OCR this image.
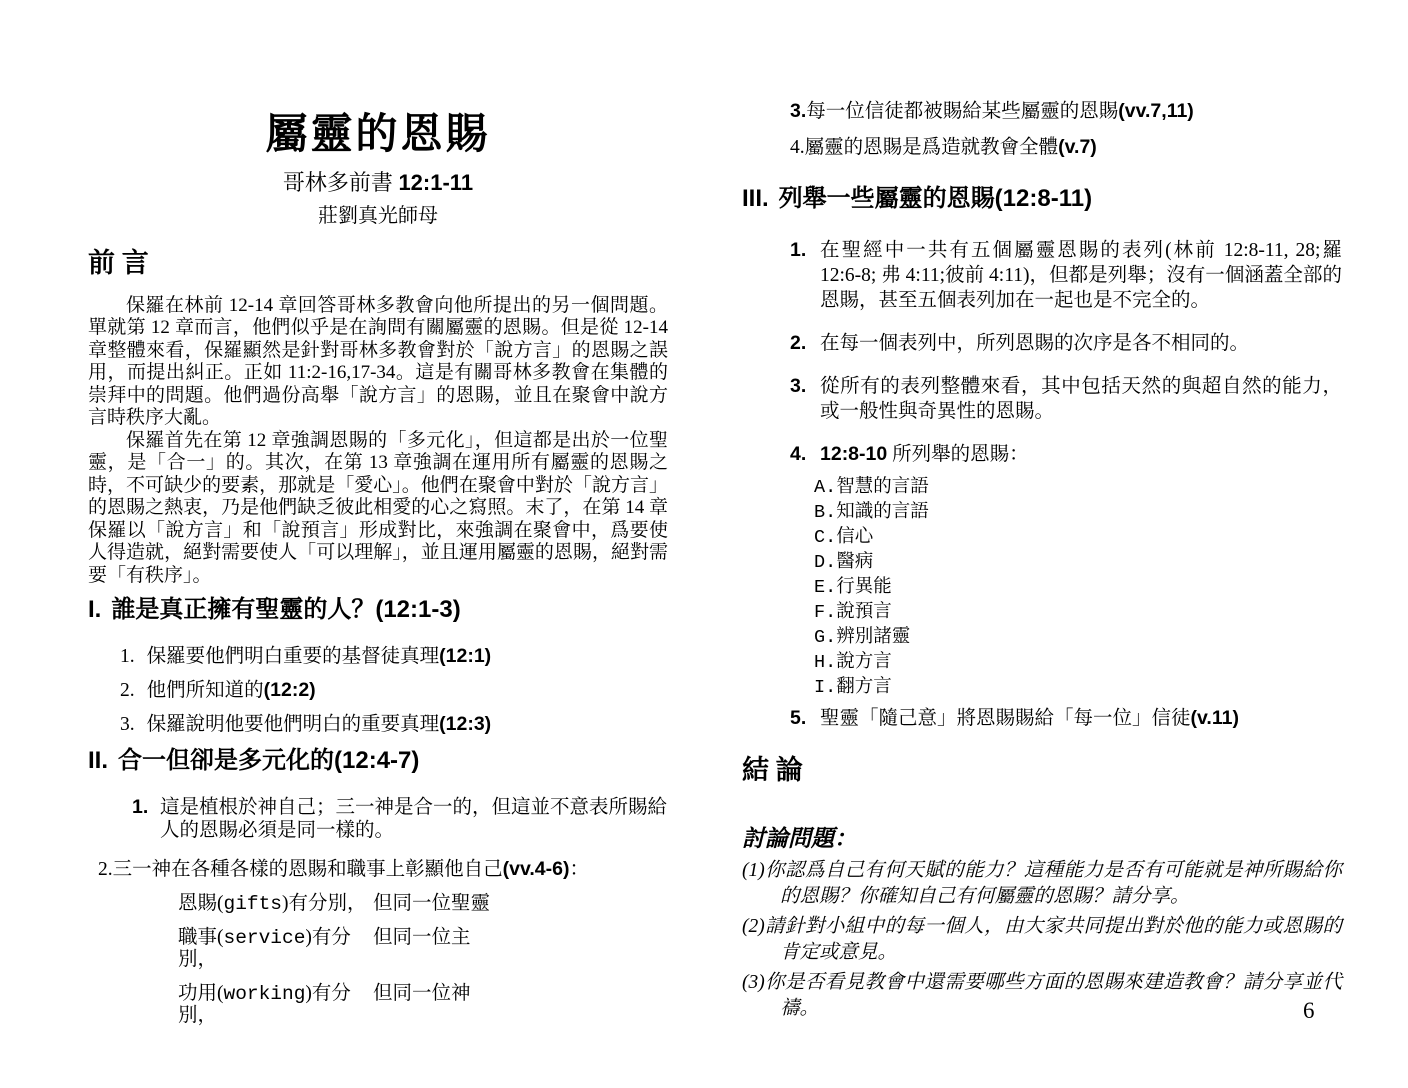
屬靈的恩賜
哥林多前書 12:1-11
莊劉真光師母
前 言
保羅在林前 12-14 章回答哥林多教會向他所提出的另一個問題。單就第 12 章而言，他們似乎是在詢問有關屬靈的恩賜。但是從 12-14 章整體來看，保羅顯然是針對哥林多教會對於「說方言」的恩賜之誤用，而提出糾正。正如 11:2-16,17-34。這是有關哥林多教會在集體的崇拜中的問題。他們過份高舉「說方言」的恩賜，並且在聚會中說方言時秩序大亂。
保羅首先在第 12 章強調恩賜的「多元化」，但這都是出於一位聖靈，是「合一」的。其次，在第 13 章強調在運用所有屬靈的恩賜之時，不可缺少的要素，那就是「愛心」。他們在聚會中對於「說方言」的恩賜之熱衷，乃是他們缺乏彼此相愛的心之寫照。末了，在第 14 章保羅以「說方言」和「說預言」形成對比，來強調在聚會中，爲要使人得造就，絕對需要使人「可以理解」，並且運用屬靈的恩賜，絕對需要「有秩序」。
I. 誰是真正擁有聖靈的人？(12:1-3)
1. 保羅要他們明白重要的基督徒真理(12:1)
2. 他們所知道的(12:2)
3. 保羅說明他要他們明白的重要真理(12:3)
II. 合一但卻是多元化的(12:4-7)
1. 這是植根於神自己；三一神是合一的，但這並不意表所賜給人的恩賜必須是同一樣的。
2.三一神在各種各樣的恩賜和職事上彰顯他自己(vv.4-6)：
恩賜(gifts)有分別， 但同一位聖靈
職事(service)有分別，
但同一位主
功用(working)有分別，
但同一位神
3.每一位信徒都被賜給某些屬靈的恩賜(vv.7,11)
4.屬靈的恩賜是爲造就教會全體(v.7)
III. 列舉一些屬靈的恩賜(12:8-11)
1. 在聖經中一共有五個屬靈恩賜的表列(林前 12:8-11, 28;羅 12:6-8; 弗 4:11;彼前 4:11)，但都是列舉；沒有一個涵蓋全部的恩賜，甚至五個表列加在一起也是不完全的。
2. 在每一個表列中，所列恩賜的次序是各不相同的。
3. 從所有的表列整體來看，其中包括天然的與超自然的能力，或一般性與奇異性的恩賜。
4. 12:8-10 所列舉的恩賜：
A.智慧的言語
B.知識的言語
C.信心
D.醫病
E.行異能
F.說預言
G.辨別諸靈
H.說方言
I.翻方言
5. 聖靈「隨己意」將恩賜賜給「每一位」信徒(v.11)
結 論
討論問題：
(1)你認爲自己有何天賦的能力？這種能力是否有可能就是神所賜給你的恩賜？你確知自己有何屬靈的恩賜？請分享。
(2)請針對小組中的每一個人，由大家共同提出對於他的能力或恩賜的肯定或意見。
(3)你是否看見教會中還需要哪些方面的恩賜來建造教會？請分享並代禱。	6
